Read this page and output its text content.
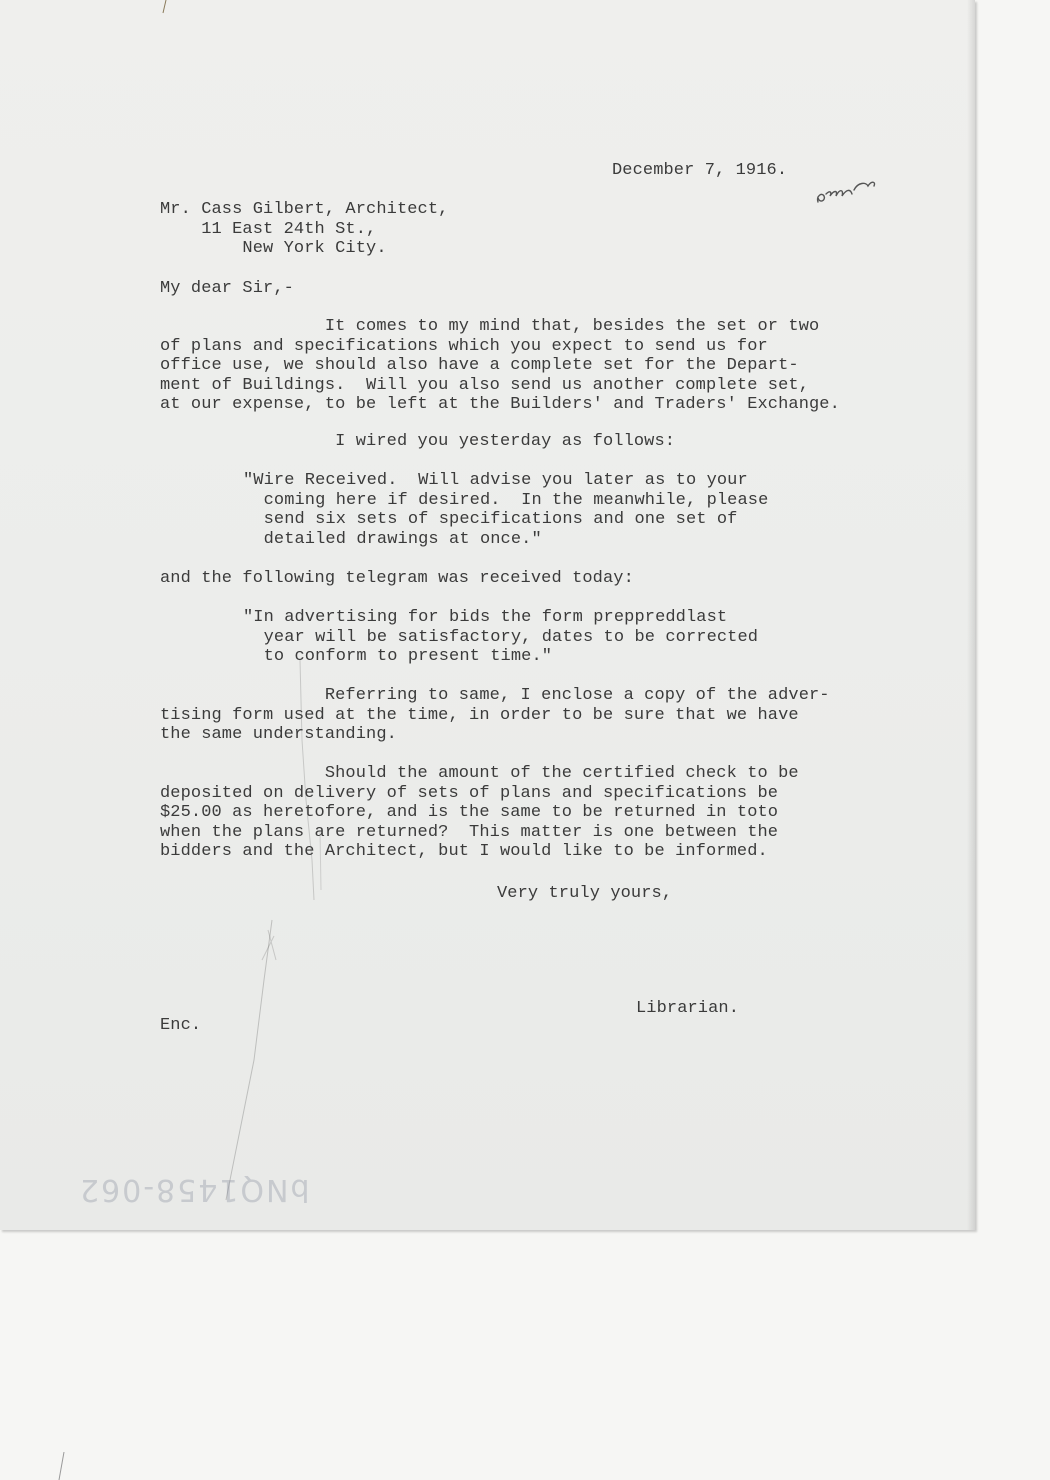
December 7, 1916.
Mr. Cass Gilbert, Architect,
11 East 24th St.,
New York City.
My dear Sir,-
It comes to my mind that, besides the set or two
of plans and specifications which you expect to send us for
office use, we should also have a complete set for the Depart-
ment of Buildings.  Will you also send us another complete set,
at our expense, to be left at the Builders' and Traders' Exchange.
I wired you yesterday as follows:
"Wire Received.  Will advise you later as to your
coming here if desired.  In the meanwhile, please
send six sets of specifications and one set of
detailed drawings at once."
and the following telegram was received today:
"In advertising for bids the form preppreddlast
year will be satisfactory, dates to be corrected
to conform to present time."
Referring to same, I enclose a copy of the adver-
tising form used at the time, in order to be sure that we have
the same understanding.
Should the amount of the certified check to be
deposited on delivery of sets of plans and specifications be
$25.00 as heretofore, and is the same to be returned in toto
when the plans are returned?  This matter is one between the
bidders and the Architect, but I would like to be informed.
Very truly yours,
Librarian.
Enc.
bNQ1458-062
